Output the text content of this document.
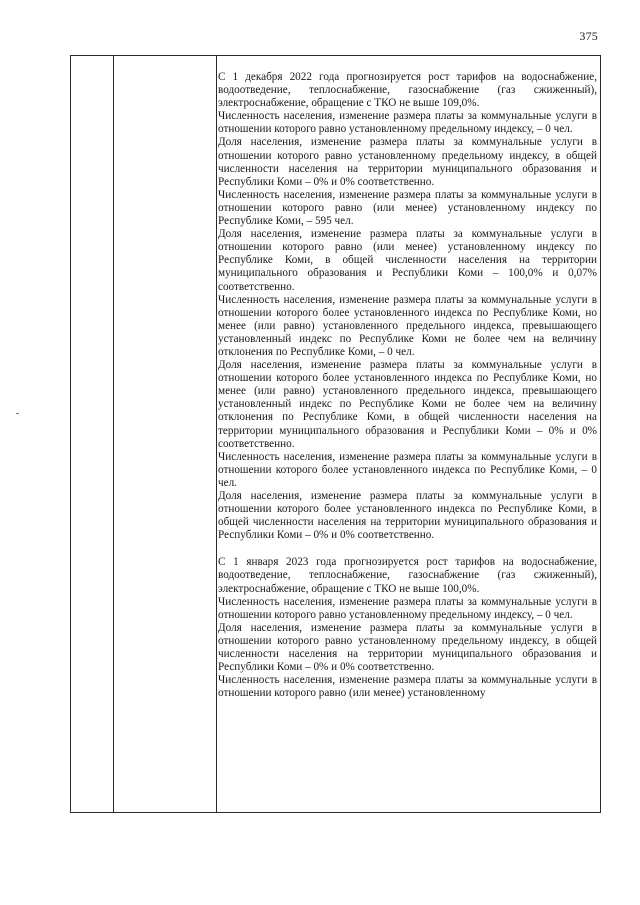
375

С 1 декабря 2022 года прогнозируется рост тарифов на водоснабжение, водоотведение, теплоснабжение, газоснабжение (газ сжиженный), электроснабжение, обращение с ТКО не выше 109,0%.

Численность населения, изменение размера платы за коммунальные услуги в отношении которого равно установленному предельному индексу, – 0 чел.

Доля населения, изменение размера платы за коммунальные услуги в отношении которого равно установленному предельному индексу, в общей численности населения на территории муниципального образования и Республики Коми – 0% и 0% соответственно.

Численность населения, изменение размера платы за коммунальные услуги в отношении которого равно (или менее) установленному индексу по Республике Коми, – 595 чел.

Доля населения, изменение размера платы за коммунальные услуги в отношении которого равно (или менее) установленному индексу по Республике Коми, в общей численности населения на территории муниципального образования и Республики Коми – 100,0% и 0,07% соответственно.

Численность населения, изменение размера платы за коммунальные услуги в отношении которого более установленного индекса по Республике Коми, но менее (или равно) установленного предельного индекса, превышающего установленный индекс по Республике Коми не более чем на величину отклонения по Республике Коми, – 0 чел.

Доля населения, изменение размера платы за коммунальные услуги в отношении которого более установленного индекса по Республике Коми, но менее (или равно) установленного предельного индекса, превышающего установленный индекс по Республике Коми не более чем на величину отклонения по Республике Коми, в общей численности населения на территории муниципального образования и Республики Коми – 0% и 0% соответственно.

Численность населения, изменение размера платы за коммунальные услуги в отношении которого более установленного индекса по Республике Коми, – 0 чел.

Доля населения, изменение размера платы за коммунальные услуги в отношении которого более установленного индекса по Республике Коми, в общей численности населения на территории муниципального образования и Республики Коми – 0% и 0% соответственно.

С 1 января 2023 года прогнозируется рост тарифов на водоснабжение, водоотведение, теплоснабжение, газоснабжение (газ сжиженный), электроснабжение, обращение с ТКО не выше 100,0%.

Численность населения, изменение размера платы за коммунальные услуги в отношении которого равно установленному предельному индексу, – 0 чел.

Доля населения, изменение размера платы за коммунальные услуги в отношении которого равно установленному предельному индексу, в общей численности населения на территории муниципального образования и Республики Коми – 0% и 0% соответственно.

Численность населения, изменение размера платы за коммунальные услуги в отношении которого равно (или менее) установленному
